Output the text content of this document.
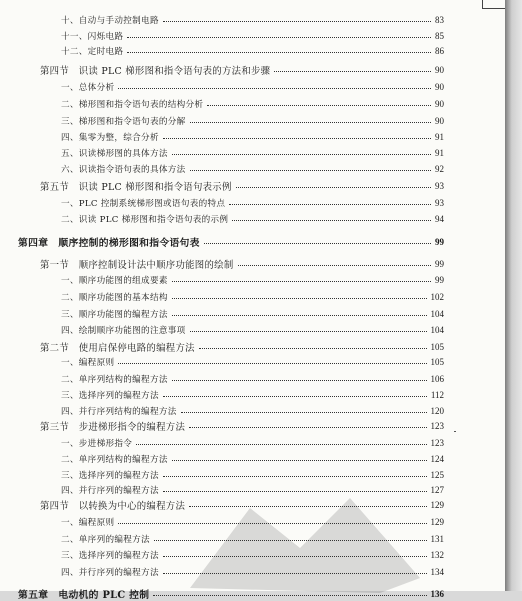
十、自动与手动控制电路	83
十一、闪烁电路	85
十二、定时电路	86
第四节　识读 PLC 梯形图和指令语句表的方法和步骤	90
一、总体分析	90
二、梯形图和指令语句表的结构分析	90
三、梯形图和指令语句表的分解	90
四、集零为整，综合分析	91
五、识读梯形图的具体方法	91
六、识读指令语句表的具体方法	92
第五节　识读 PLC 梯形图和指令语句表示例	93
一、PLC 控制系统梯形图或语句表的特点	93
二、识读 PLC 梯形图和指令语句表的示例	94
第四章　顺序控制的梯形图和指令语句表	99
第一节　顺序控制设计法中顺序功能图的绘制	99
一、顺序功能图的组成要素	99
二、顺序功能图的基本结构	102
三、顺序功能图的编程方法	104
四、绘制顺序功能图的注意事项	104
第二节　使用启保停电路的编程方法	105
一、编程原则	105
二、单序列结构的编程方法	106
三、选择序列的编程方法	112
四、并行序列结构的编程方法	120
第三节　步进梯形指令的编程方法	123
一、步进梯形指令	123
二、单序列结构的编程方法	124
三、选择序列的编程方法	125
四、并行序列的编程方法	127
第四节　以转换为中心的编程方法	129
一、编程原则	129
二、单序列的编程方法	131
三、选择序列的编程方法	132
四、并行序列的编程方法	134
第五章　电动机的 PLC 控制	136
